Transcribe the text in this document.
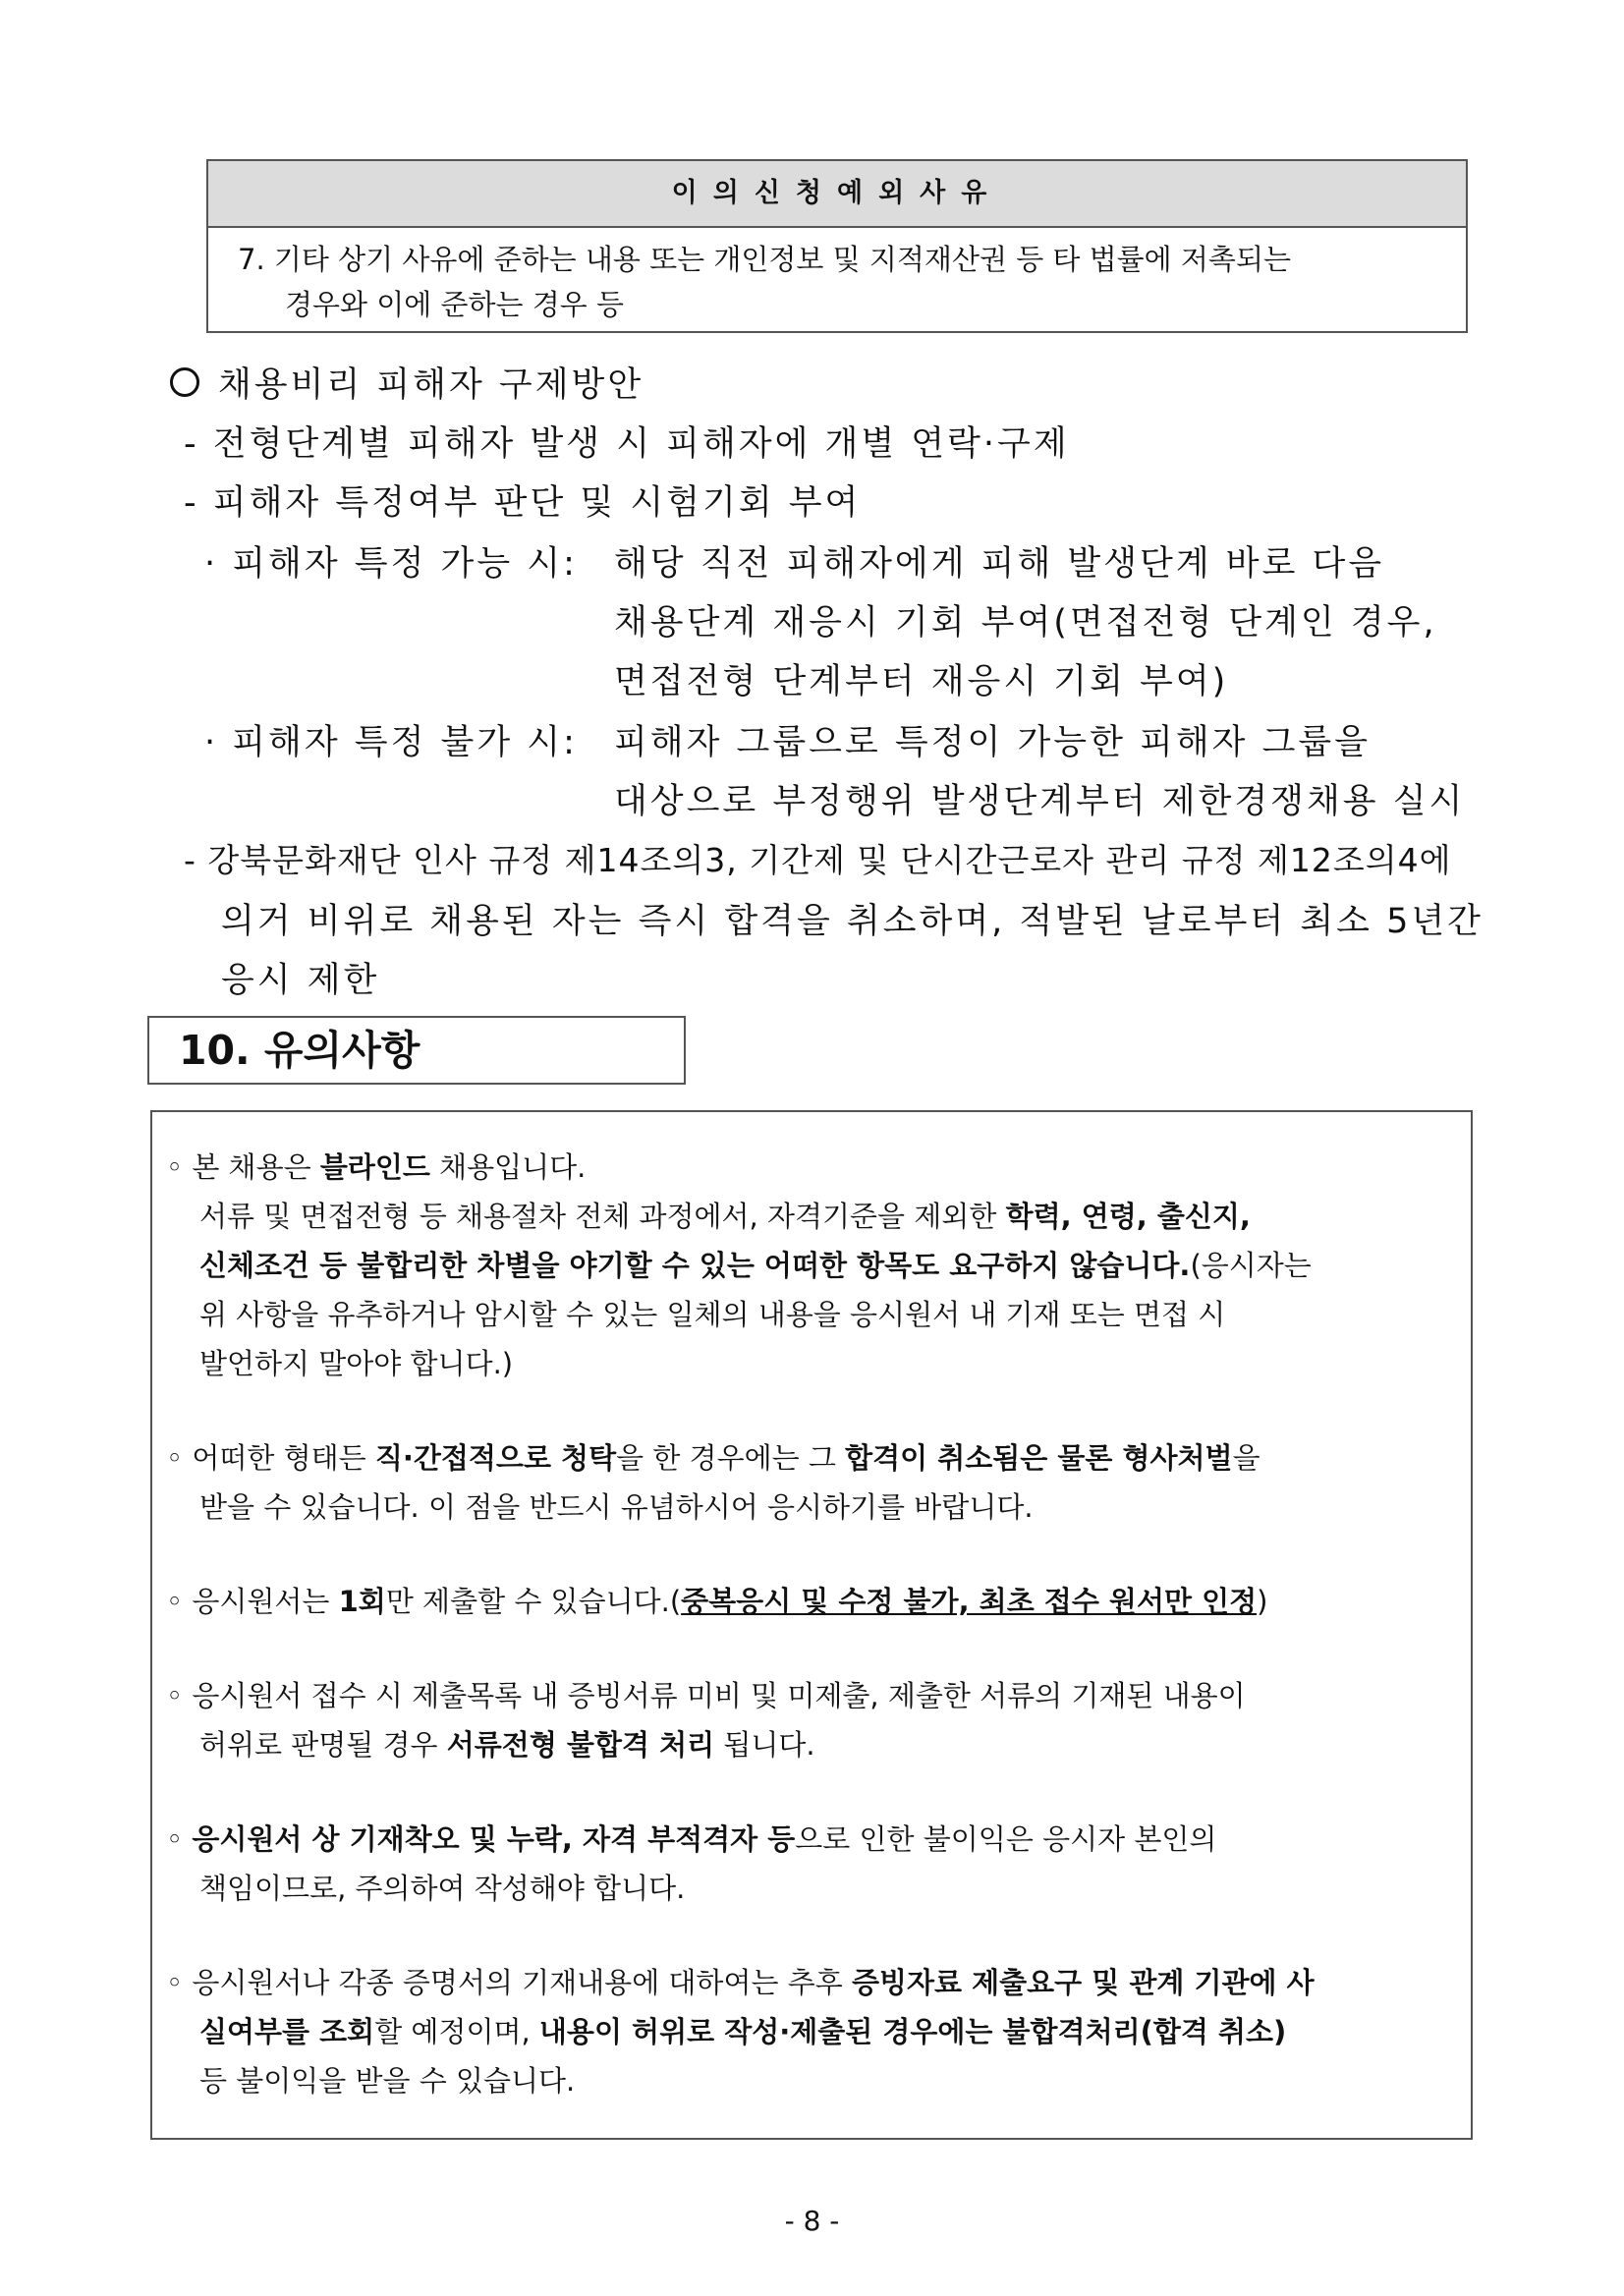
이의신청예외사유
7. 기타 상기 사유에 준하는 내용 또는 개인정보 및 지적재산권 등 타 법률에 저촉되는
경우와 이에 준하는 경우 등
채용비리 피해자 구제방안
- 전형단계별 피해자 발생 시 피해자에 개별 연락·구제
- 피해자 특정여부 판단 및 시험기회 부여
· 피해자 특정 가능 시: 해당 직전 피해자에게 피해 발생단계 바로 다음
채용단계 재응시 기회 부여(면접전형 단계인 경우,
면접전형 단계부터 재응시 기회 부여)
· 피해자 특정 불가 시: 피해자 그룹으로 특정이 가능한 피해자 그룹을
대상으로 부정행위 발생단계부터 제한경쟁채용 실시
- 강북문화재단 인사 규정 제14조의3, 기간제 및 단시간근로자 관리 규정 제12조의4에
의거 비위로 채용된 자는 즉시 합격을 취소하며, 적발된 날로부터 최소 5년간
응시 제한
10. 유의사항
◦ 본 채용은 블라인드 채용입니다.
서류 및 면접전형 등 채용절차 전체 과정에서, 자격기준을 제외한 학력, 연령, 출신지,
신체조건 등 불합리한 차별을 야기할 수 있는 어떠한 항목도 요구하지 않습니다.(응시자는
위 사항을 유추하거나 암시할 수 있는 일체의 내용을 응시원서 내 기재 또는 면접 시
발언하지 말아야 합니다.)
◦ 어떠한 형태든 직·간접적으로 청탁을 한 경우에는 그 합격이 취소됨은 물론 형사처벌을
받을 수 있습니다. 이 점을 반드시 유념하시어 응시하기를 바랍니다.
◦ 응시원서는 1회만 제출할 수 있습니다.(중복응시 및 수정 불가, 최초 접수 원서만 인정)
◦ 응시원서 접수 시 제출목록 내 증빙서류 미비 및 미제출, 제출한 서류의 기재된 내용이
허위로 판명될 경우 서류전형 불합격 처리 됩니다.
◦ 응시원서 상 기재착오 및 누락, 자격 부적격자 등으로 인한 불이익은 응시자 본인의
책임이므로, 주의하여 작성해야 합니다.
◦ 응시원서나 각종 증명서의 기재내용에 대하여는 추후 증빙자료 제출요구 및 관계 기관에 사
실여부를 조회할 예정이며, 내용이 허위로 작성·제출된 경우에는 불합격처리(합격 취소)
등 불이익을 받을 수 있습니다.
- 8 -
